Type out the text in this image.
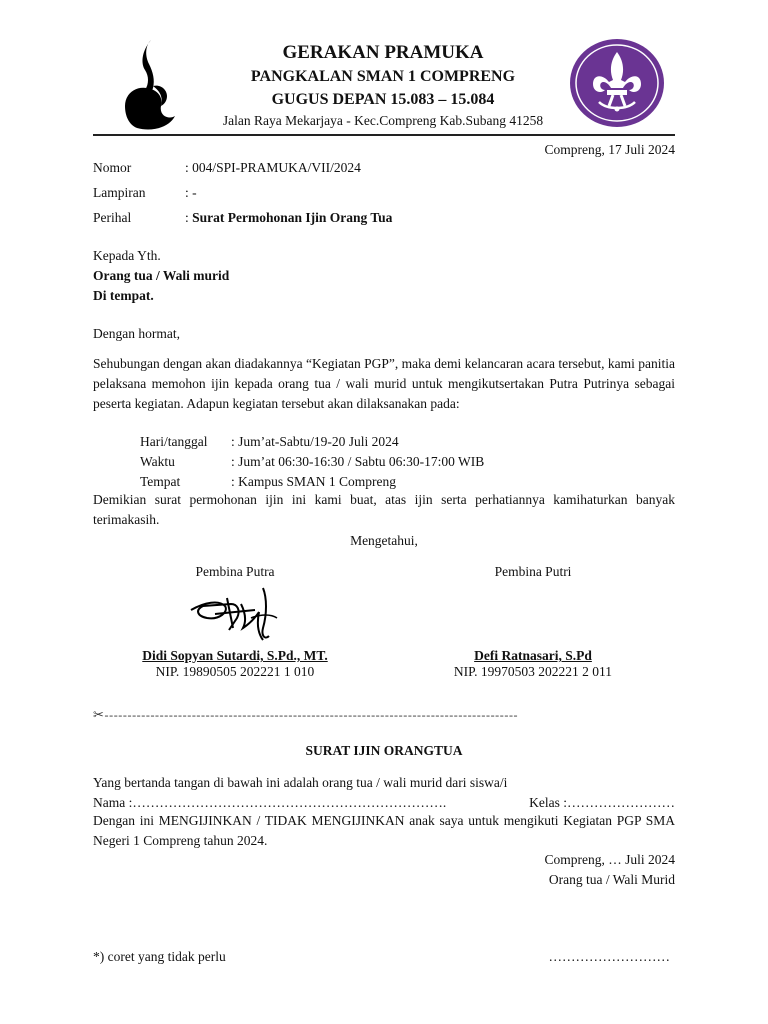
GERAKAN PRAMUKA
PANGKALAN SMAN 1 COMPRENG
GUGUS DEPAN 15.083 – 15.084
Jalan Raya Mekarjaya - Kec.Compreng Kab.Subang 41258
Compreng, 17 Juli 2024
Nomor	: 004/SPI-PRAMUKA/VII/2024
Lampiran	: -
Perihal	: Surat Permohonan Ijin Orang Tua
Kepada Yth.
Orang tua / Wali murid
Di tempat.
Dengan hormat,
Sehubungan dengan akan diadakannya “Kegiatan PGP”, maka demi kelancaran acara tersebut, kami panitia pelaksana memohon ijin kepada orang tua / wali murid untuk mengikutsertakan Putra Putrinya sebagai peserta kegiatan. Adapun kegiatan tersebut akan dilaksanakan pada:
Hari/tanggal : Jum’at-Sabtu/19-20 Juli 2024
Waktu	: Jum’at 06:30-16:30 / Sabtu 06:30-17:00 WIB
Tempat	: Kampus SMAN 1 Compreng
Demikian surat permohonan ijin ini kami buat, atas ijin serta perhatiannya kamihaturkan banyak terimakasih.
Mengetahui,
Pembina Putra	Pembina Putri
Didi Sopyan Sutardi, S.Pd., MT.
NIP. 19890505 202221 1 010
Defi Ratnasari, S.Pd
NIP. 19970503 202221 2 011
✂------------------------------------------------------------------------------------------
SURAT IJIN ORANGTUA
Yang bertanda tangan di bawah ini adalah orang tua / wali murid dari siswa/i
Nama :…………………………………………………………….	Kelas :……………………
Dengan ini MENGIJINKAN / TIDAK MENGIJINKAN anak saya untuk mengikuti Kegiatan PGP SMA Negeri 1 Compreng tahun 2024.
Compreng, … Juli 2024
Orang tua / Wali Murid
*) coret yang tidak perlu	………………………
